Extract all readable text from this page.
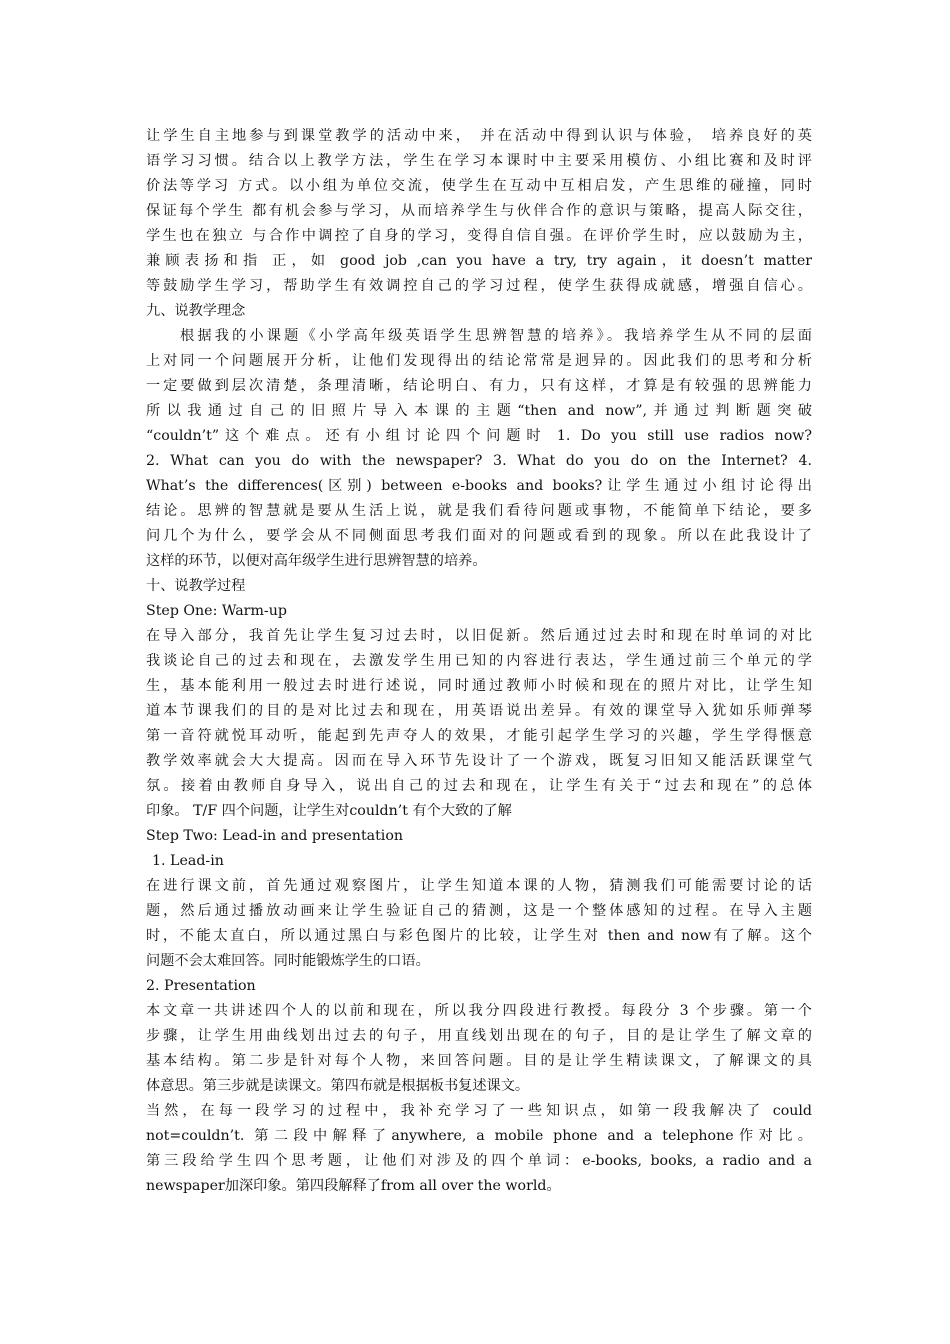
让学生自主地参与到课堂教学的活动中来， 并在活动中得到认识与体验， 培养良好的英
语学习习惯。结合以上教学方法，学生在学习本课时中主要采用模仿、小组比赛和及时评
价法等学习 方式。以小组为单位交流，使学生在互动中互相启发，产生思维的碰撞，同时
保证每个学生 都有机会参与学习，从而培养学生与伙伴合作的意识与策略，提高人际交往，
学生也在独立 与合作中调控了自身的学习，变得自信自强。在评价学生时，应以鼓励为主，
兼顾表扬和指 正，如 good job ,can you have a try, try again，it doesn’t matter
等鼓励学生学习，帮助学生有效调控自己的学习过程，使学生获得成就感，增强自信心。
九、说教学理念
根据我的小课题《小学高年级英语学生思辨智慧的培养》。我培养学生从不同的层面
上对同一个问题展开分析，让他们发现得出的结论常常是迥异的。因此我们的思考和分析
一定要做到层次清楚，条理清晰，结论明白、有力，只有这样，才算是有较强的思辨能力
所以我通过自己的旧照片导入本课的主题“then and now”,并通过判断题突破
“couldn’t”这个难点。还有小组讨论四个问题时 1. Do you still use radios now?
2. What can you do with the newspaper? 3. What do you do on the Internet? 4.
What’s the differences(区别) between e-books and books?让学生通过小组讨论得出
结论。思辨的智慧就是要从生活上说，就是我们看待问题或事物，不能简单下结论，要多
问几个为什么，要学会从不同侧面思考我们面对的问题或看到的现象。所以在此我设计了
这样的环节，以便对高年级学生进行思辨智慧的培养。
十、说教学过程
Step One: Warm-up
在导入部分，我首先让学生复习过去时，以旧促新。然后通过过去时和现在时单词的对比
我谈论自己的过去和现在，去激发学生用已知的内容进行表达，学生通过前三个单元的学
生，基本能利用一般过去时进行述说，同时通过教师小时候和现在的照片对比，让学生知
道本节课我们的目的是对比过去和现在，用英语说出差异。有效的课堂导入犹如乐师弹琴
第一音符就悦耳动听，能起到先声夺人的效果，才能引起学生学习的兴趣，学生学得惬意
教学效率就会大大提高。因而在导入环节先设计了一个游戏，既复习旧知又能活跃课堂气
氛。接着由教师自身导入，说出自己的过去和现在，让学生有关于“过去和现在”的总体
印象。 T/F 四个问题，让学生对couldn’t 有个大致的了解
Step Two: Lead-in and presentation
1. Lead-in
在进行课文前，首先通过观察图片，让学生知道本课的人物，猜测我们可能需要讨论的话
题，然后通过播放动画来让学生验证自己的猜测，这是一个整体感知的过程。在导入主题
时，不能太直白，所以通过黑白与彩色图片的比较，让学生对 then and now有了解。这个
问题不会太难回答。同时能锻炼学生的口语。
2. Presentation
本文章一共讲述四个人的以前和现在，所以我分四段进行教授。每段分 3 个步骤。第一个
步骤，让学生用曲线划出过去的句子，用直线划出现在的句子，目的是让学生了解文章的
基本结构。第二步是针对每个人物，来回答问题。目的是让学生精读课文，了解课文的具
体意思。第三步就是读课文。第四布就是根据板书复述课文。
当然，在每一段学习的过程中，我补充学习了一些知识点，如第一段我解决了 could
not=couldn’t. 第二段中解释了anywhere, a mobile phone and a telephone作对比。
第三段给学生四个思考题，让他们对涉及的四个单词：e-books, books, a radio and a
newspaper加深印象。第四段解释了from all over the world。
